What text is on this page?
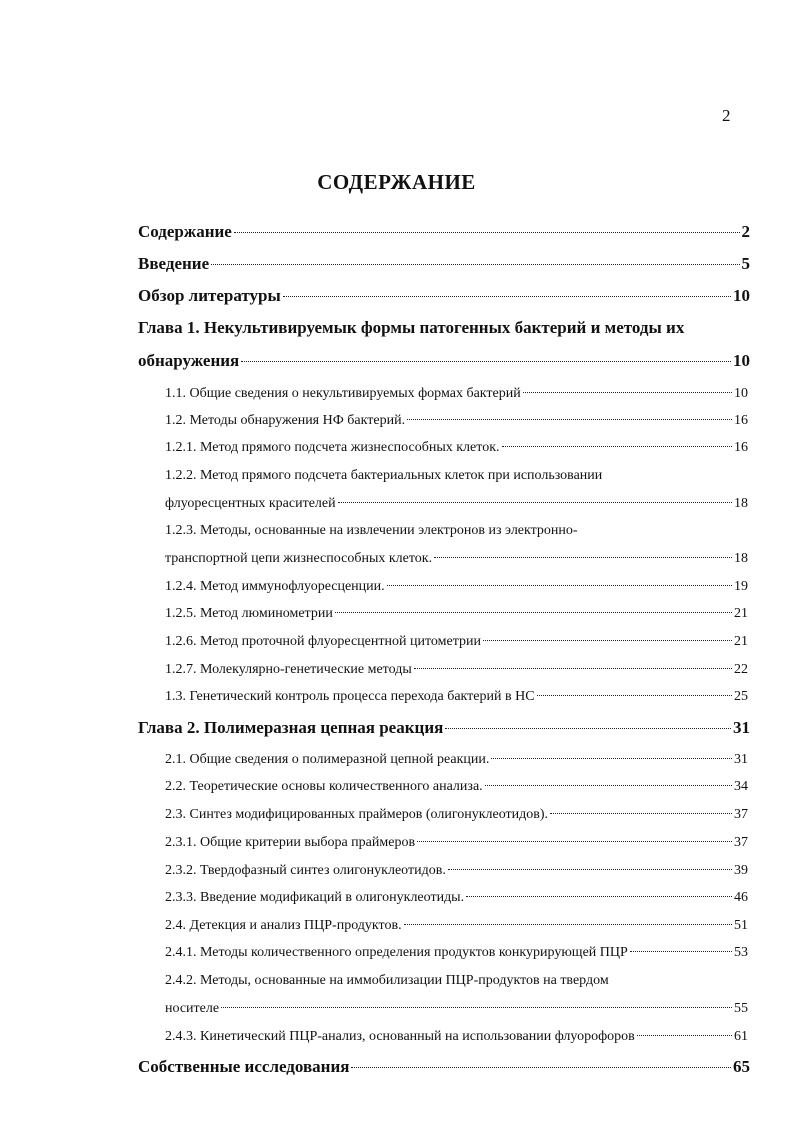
2
СОДЕРЖАНИЕ
Содержание	2
Введение	5
Обзор литературы	10
Глава 1. Некультивируемык формы патогенных бактерий и методы их
обнаружения	10
1.1. Общие сведения о некультивируемых формах бактерий	10
1.2. Методы обнаружения НФ бактерий.	16
1.2.1. Метод прямого подсчета жизнеспособных клеток.	16
1.2.2. Метод прямого подсчета бактериальных клеток при использовании
флуоресцентных красителей	18
1.2.3. Методы, основанные на извлечении электронов из электронно-
транспортной цепи жизнеспособных клеток.	18
1.2.4. Метод иммунофлуоресценции.	19
1.2.5. Метод люминометрии	21
1.2.6. Метод проточной флуоресцентной цитометрии	21
1.2.7. Молекулярно-генетические методы	22
1.3. Генетический контроль процесса перехода бактерий в НС	25
Глава 2. Полимеразная цепная реакция	31
2.1. Общие сведения о полимеразной цепной реакции.	31
2.2. Теоретические основы количественного анализа.	34
2.3. Синтез модифицированных праймеров (олигонуклеотидов).	37
2.3.1. Общие критерии выбора праймеров	37
2.3.2. Твердофазный синтез олигонуклеотидов.	39
2.3.3. Введение модификаций в олигонуклеотиды.	46
2.4. Детекция и анализ ПЦР-продуктов.	51
2.4.1. Методы количественного определения продуктов конкурирующей ПЦР	53
2.4.2. Методы, основанные на иммобилизации ПЦР-продуктов на твердом
носителе	55
2.4.3. Кинетический ПЦР-анализ, основанный на использовании флуорофоров	61
Собственные исследования	65
